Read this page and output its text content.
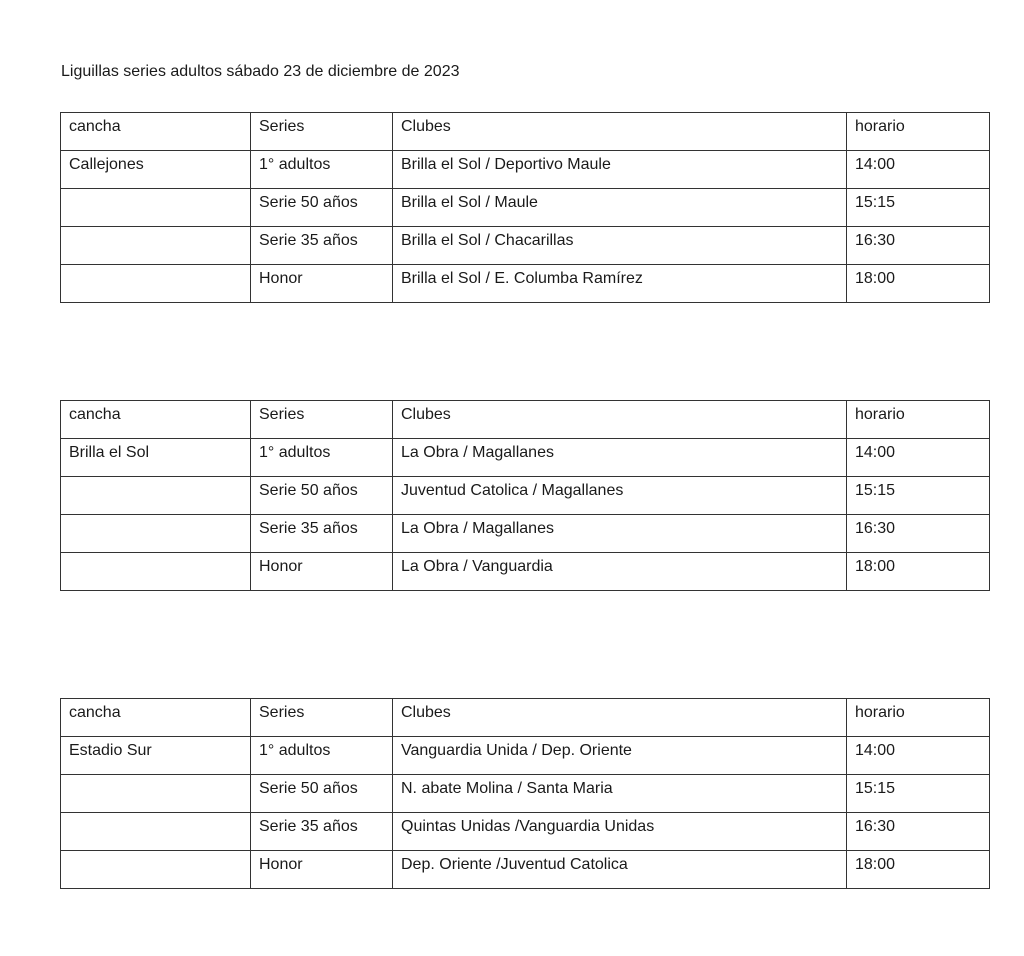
Liguillas series adultos sábado 23 de diciembre de 2023

cancha	Series	Clubes	horario
Callejones	1° adultos	Brilla el Sol / Deportivo Maule	14:00
	Serie 50 años	Brilla el Sol / Maule	15:15
	Serie 35 años	Brilla el Sol / Chacarillas	16:30
	Honor	Brilla el Sol / E. Columba Ramírez	18:00
cancha	Series	Clubes	horario
Brilla el Sol	1° adultos	La Obra / Magallanes	14:00
	Serie 50 años	Juventud Catolica / Magallanes	15:15
	Serie 35 años	La Obra / Magallanes	16:30
	Honor	La Obra / Vanguardia	18:00
cancha	Series	Clubes	horario
Estadio Sur	1° adultos	Vanguardia Unida / Dep. Oriente	14:00
	Serie 50 años	N. abate Molina / Santa Maria	15:15
	Serie 35 años	Quintas Unidas /Vanguardia Unidas	16:30
	Honor	Dep. Oriente /Juventud Catolica	18:00
